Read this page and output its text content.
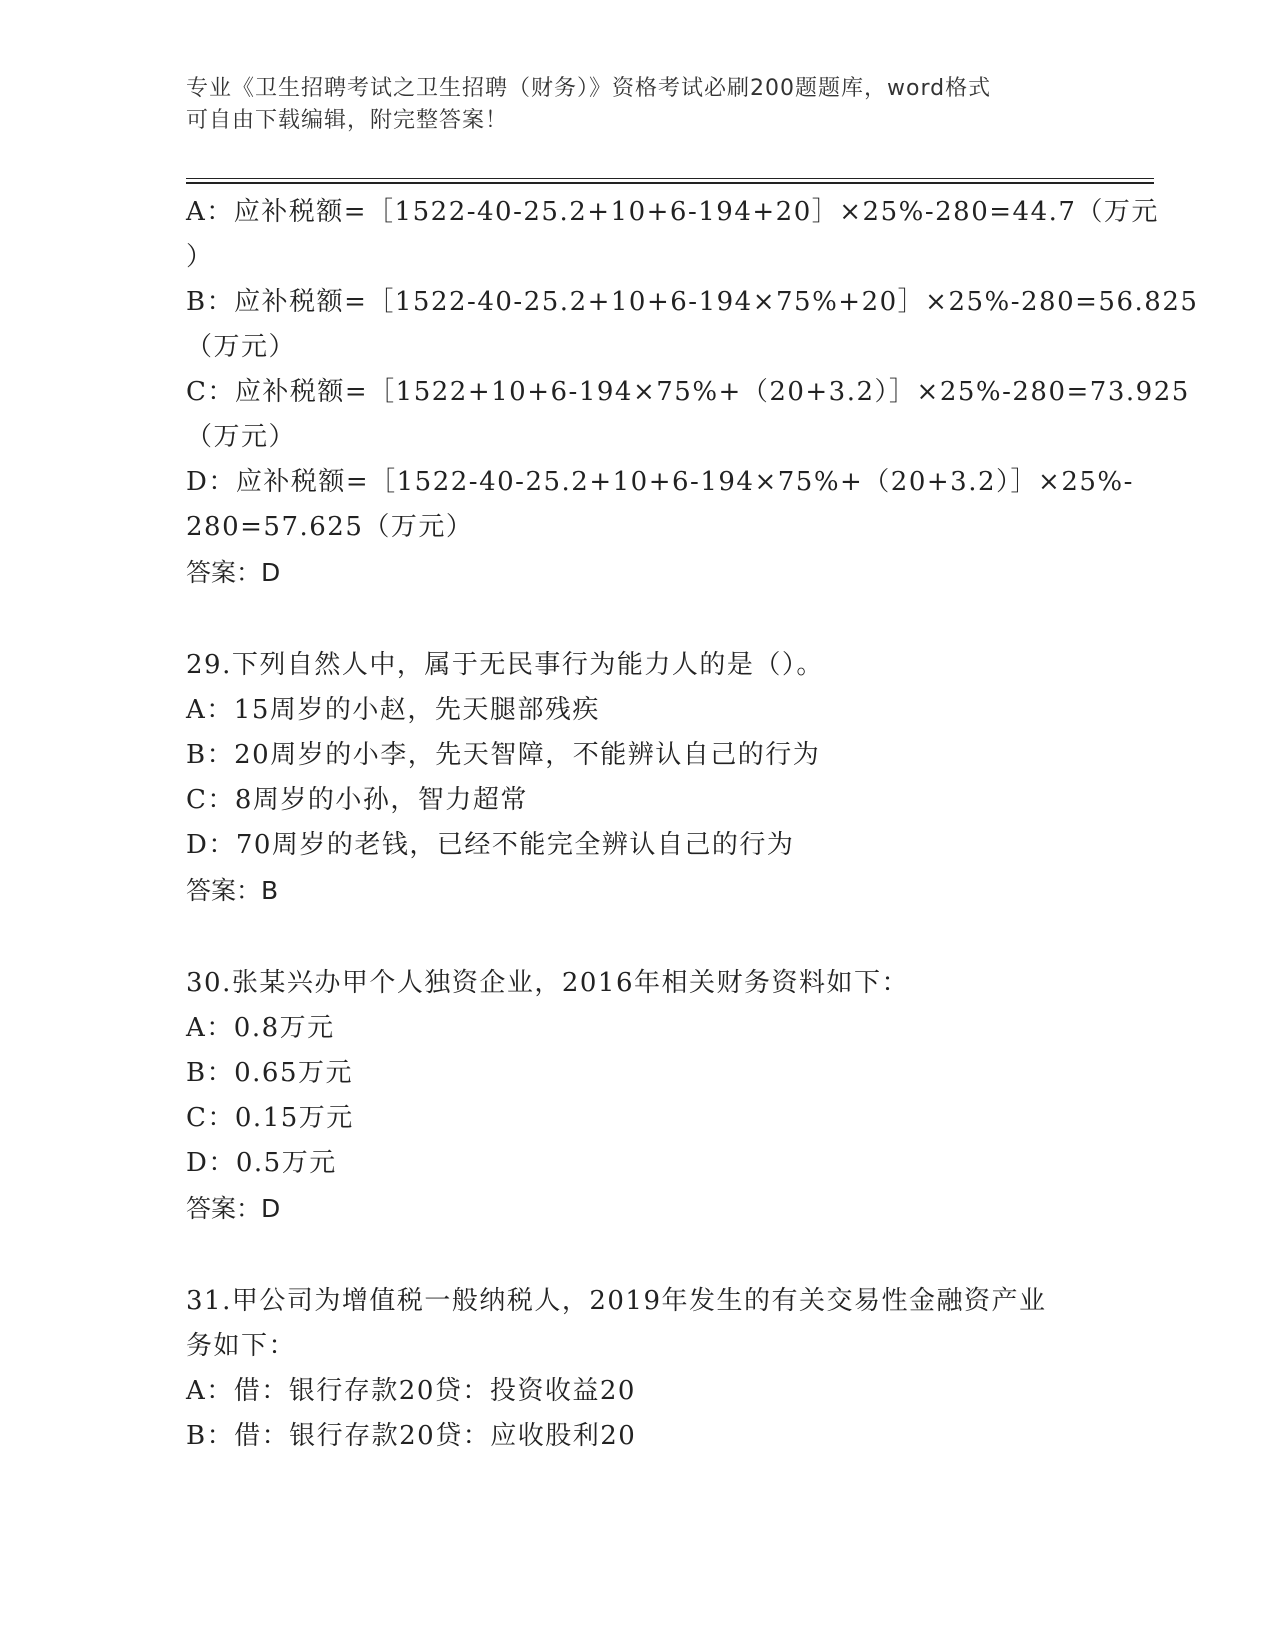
专业《卫生招聘考试之卫生招聘（财务）》资格考试必刷200题题库，word格式
可自由下载编辑，附完整答案！
A：应补税额=［1522-40-25.2+10+6-194+20］×25%-280=44.7（万元
）
B：应补税额=［1522-40-25.2+10+6-194×75%+20］×25%-280=56.825
（万元）
C：应补税额=［1522+10+6-194×75%+（20+3.2）］×25%-280=73.925
（万元）
D：应补税额=［1522-40-25.2+10+6-194×75%+（20+3.2）］×25%-
280=57.625（万元）
答案：D
29.下列自然人中，属于无民事行为能力人的是（）。
A：15周岁的小赵，先天腿部残疾
B：20周岁的小李，先天智障，不能辨认自己的行为
C：8周岁的小孙，智力超常
D：70周岁的老钱，已经不能完全辨认自己的行为
答案：B
30.张某兴办甲个人独资企业，2016年相关财务资料如下：
A：0.8万元
B：0.65万元
C：0.15万元
D：0.5万元
答案：D
31.甲公司为增值税一般纳税人，2019年发生的有关交易性金融资产业
务如下：
A：借：银行存款20贷：投资收益20
B：借：银行存款20贷：应收股利20
